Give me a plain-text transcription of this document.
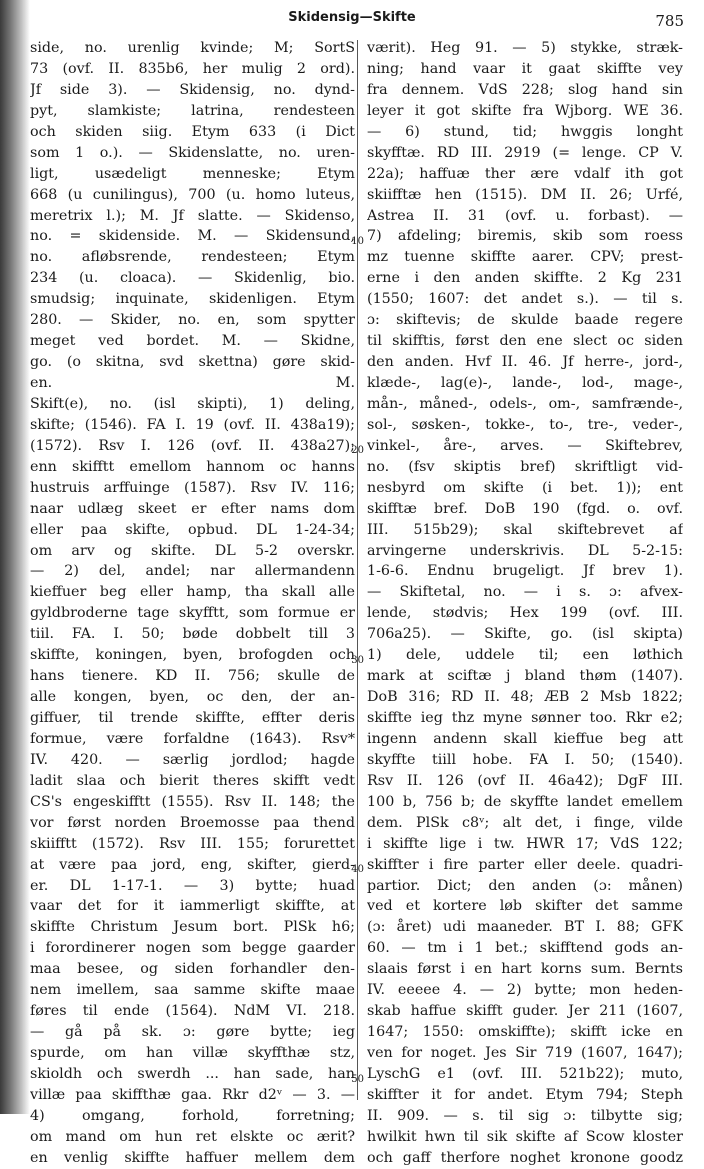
Skidensig—Skifte	785
side, no. urenlig kvinde; M; SortS
73 (ovf. II. 835b6, her mulig 2 ord).
Jf side 3). — Skidensig, no. dynd-
pyt, slamkiste; latrina, rendesteen
och skiden siig. Etym 633 (i Dict
som 1 o.). — Skidenslatte, no. uren-
ligt, usædeligt menneske; Etym
668 (u cunilingus), 700 (u. homo luteus,
meretrix l.); M. Jf slatte. — Skidenso,
no. = skidenside. M. — Skidensund,
no. afløbsrende, rendesteen; Etym
234 (u. cloaca). — Skidenlig, bio.
smudsig; inquinate, skidenligen. Etym
280. — Skider, no. en, som spytter
meget ved bordet. M. — Skidne,
go. (o skitna, svd skettna) gøre skid-
en. M.
Skift(e), no. (isl skipti), 1) deling,
skifte; (1546). FA I. 19 (ovf. II. 438a19);
(1572). Rsv I. 126 (ovf. II. 438a27);
enn skifftt emellom hannom oc hanns
hustruis arffuinge (1587). Rsv IV. 116;
naar udlæg skeet er efter nams dom
eller paa skifte, opbud. DL 1-24-34;
om arv og skifte. DL 5-2 overskr.
— 2) del, andel; nar allermandenn
kieffuer beg eller hamp, tha skall alle
gyldbroderne tage skyfftt, som formue er
tiil. FA. I. 50; bøde dobbelt till 3
skiffte, koningen, byen, brofogden och
hans tienere. KD II. 756; skulle de
alle kongen, byen, oc den, der an-
giffuer, til trende skiffte, effter deris
formue, være forfaldne (1643). Rsv*
IV. 420. — særlig jordlod; hagde
ladit slaa och bierit theres skifft vedt
CS's engeskifftt (1555). Rsv II. 148; the
vor først norden Broemosse paa thend
skiifftt (1572). Rsv III. 155; forurettet
at være paa jord, eng, skifter, gierd-
er. DL 1-17-1. — 3) bytte; huad
vaar det for it iammerligt skiffte, at
skiffte Christum Jesum bort. PlSk h6;
i forordinerer nogen som begge gaarder
maa besee, og siden forhandler den-
nem imellem, saa samme skifte maae
føres til ende (1564). NdM VI. 218.
— gå på sk. ɔ: gøre bytte; ieg
spurde, om han villæ skyffthæ stz,
skioldh och swerdh ... han sade, han
villæ paa skiffthæ gaa. Rkr d2ᵛ — 3. —
4) omgang, forhold, forretning;
om mand om hun ret elskte oc ærit?
en venlig skiffte haffuer mellem dem
værit). Heg 91. — 5) stykke, stræk-
ning; hand vaar it gaat skiffte vey
fra dennem. VdS 228; slog hand sin
leyer it got skifte fra Wjborg. WE 36.
— 6) stund, tid; hwggis longht
skyfftæ. RD III. 2919 (= lenge. CP V.
22a); haffuæ ther ære vdalf ith got
skiifftæ hen (1515). DM II. 26; Urfé,
Astrea II. 31 (ovf. u. forbast). —
7) afdeling; biremis, skib som roess
mz tuenne skiffte aarer. CPV; prest-
erne i den anden skiffte. 2 Kg 231
(1550; 1607: det andet s.). — til s.
ɔ: skiftevis; de skulde baade regere
til skifftis, først den ene slect oc siden
den anden. Hvf II. 46. Jf herre-, jord-,
klæde-, lag(e)-, lande-, lod-, mage-,
mån-, måned-, odels-, om-, samfrænde-,
sol-, søsken-, tokke-, to-, tre-, veder-,
vinkel-, åre-, arves. — Skiftebrev,
no. (fsv skiptis bref) skriftligt vid-
nesbyrd om skifte (i bet. 1)); ent
skifftæ bref. DoB 190 (fgd. o. ovf.
III. 515b29); skal skiftebrevet af
arvingerne underskrivis. DL 5-2-15:
1-6-6. Endnu brugeligt. Jf brev 1).
— Skiftetal, no. — i s. ɔ: afvex-
lende, stødvis; Hex 199 (ovf. III.
706a25). — Skifte, go. (isl skipta)
1) dele, uddele til; een løthich
mark at sciftæ j bland thøm (1407).
DoB 316; RD II. 48; ÆB 2 Msb 1822;
skiffte ieg thz myne sønner too. Rkr e2;
ingenn andenn skall kieffue beg att
skyffte tiill hobe. FA I. 50; (1540).
Rsv II. 126 (ovf II. 46a42); DgF III.
100 b, 756 b; de skyffte landet emellem
dem. PlSk c8ᵛ; alt det, i finge, vilde
i skiffte lige i tw. HWR 17; VdS 122;
skiffter i fire parter eller deele. quadri-
partior. Dict; den anden (ɔ: månen)
ved et kortere løb skifter det samme
(ɔ: året) udi maaneder. BT I. 88; GFK
60. — tm i 1 bet.; skifftend gods an-
slaais først i en hart korns sum. Bernts
IV. eeeee 4. — 2) bytte; mon heden-
skab haffue skifft guder. Jer 211 (1607,
1647; 1550: omskiffte); skifft icke en
ven for noget. Jes Sir 719 (1607, 1647);
LyschG e1 (ovf. III. 521b22); muto,
skiffter it for andet. Etym 794; Steph
II. 909. — s. til sig ɔ: tilbytte sig;
hwilkit hwn til sik skifte af Scow kloster
och gaff therfore noghet kronone goodz
10
20
30
40
50
